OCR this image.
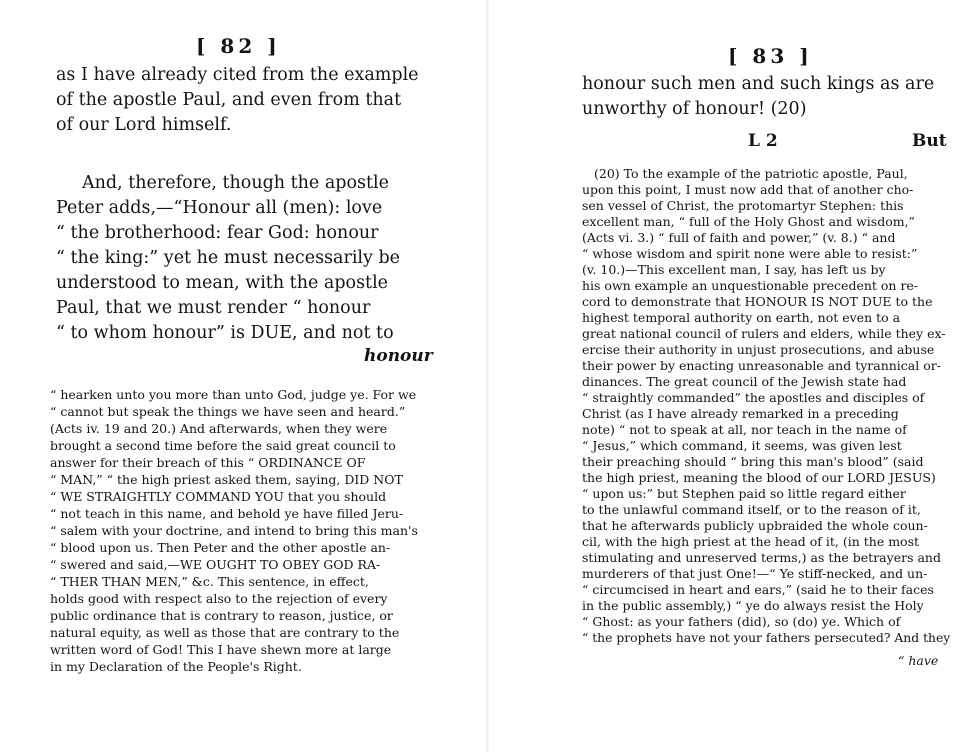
[ 82 ]
as I have already cited from the example
of the apostle Paul, and even from that
of our Lord himself.
And, therefore, though the apostle
Peter adds,—“Honour all (men): love
“ the brotherhood: fear God: honour
“ the king:” yet he must necessarily be
understood to mean, with the apostle
Paul, that we must render “ honour
“ to whom honour” is DUE, and not to
honour
“ hearken unto you more than unto God, judge ye. For we
“ cannot but speak the things we have seen and heard.”
(Acts iv. 19 and 20.) And afterwards, when they were
brought a second time before the said great council to
answer for their breach of this “ ORDINANCE OF
“ MAN,” “ the high priest asked them, saying, DID NOT
“ WE STRAIGHTLY COMMAND YOU that you should
“ not teach in this name, and behold ye have filled Jeru-
“ salem with your doctrine, and intend to bring this man's
“ blood upon us. Then Peter and the other apostle an-
“ swered and said,—WE OUGHT TO OBEY GOD RA-
“ THER THAN MEN,” &c. This sentence, in effect,
holds good with respect also to the rejection of every
public ordinance that is contrary to reason, justice, or
natural equity, as well as those that are contrary to the
written word of God! This I have shewn more at large
in my Declaration of the People's Right.
[ 83 ]
honour such men and such kings as are
unworthy of honour! (20)
L 2	But
(20) To the example of the patriotic apostle, Paul,
upon this point, I must now add that of another cho-
sen vessel of Christ, the protomartyr Stephen: this
excellent man, “ full of the Holy Ghost and wisdom,”
(Acts vi. 3.) “ full of faith and power,” (v. 8.) “ and
“ whose wisdom and spirit none were able to resist:”
(v. 10.)—This excellent man, I say, has left us by
his own example an unquestionable precedent on re-
cord to demonstrate that HONOUR IS NOT DUE to the
highest temporal authority on earth, not even to a
great national council of rulers and elders, while they ex-
ercise their authority in unjust prosecutions, and abuse
their power by enacting unreasonable and tyrannical or-
dinances. The great council of the Jewish state had
“ straightly commanded” the apostles and disciples of
Christ (as I have already remarked in a preceding
note) “ not to speak at all, nor teach in the name of
“ Jesus,” which command, it seems, was given lest
their preaching should “ bring this man's blood” (said
the high priest, meaning the blood of our LORD JESUS)
“ upon us:” but Stephen paid so little regard either
to the unlawful command itself, or to the reason of it,
that he afterwards publicly upbraided the whole coun-
cil, with the high priest at the head of it, (in the most
stimulating and unreserved terms,) as the betrayers and
murderers of that just One!—“ Ye stiff-necked, and un-
“ circumcised in heart and ears,” (said he to their faces
in the public assembly,) “ ye do always resist the Holy
“ Ghost: as your fathers (did), so (do) ye. Which of
“ the prophets have not your fathers persecuted? And they
“ have
